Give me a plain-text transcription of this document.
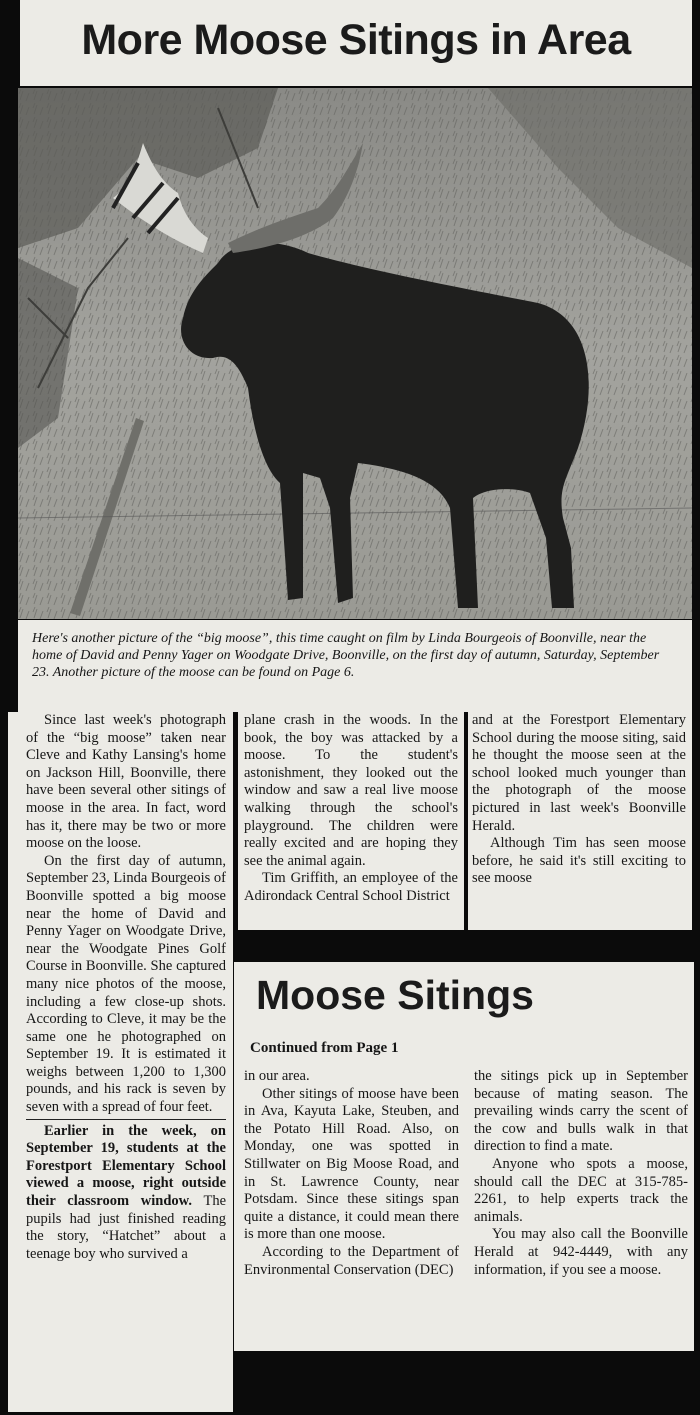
More Moose Sitings in Area

Here's another picture of the “big moose”, this time caught on film by Linda Bourgeois of Boonville, near the home of David and Penny Yager on Woodgate Drive, Boonville, on the first day of autumn, Saturday, September 23. Another picture of the moose can be found on Page 6.

Since last week's photograph of the “big moose” taken near Cleve and Kathy Lansing's home on Jackson Hill, Boonville, there have been several other sitings of moose in the area. In fact, word has it, there may be two or more moose on the loose.

On the first day of autumn, September 23, Linda Bourgeois of Boonville spotted a big moose near the home of David and Penny Yager on Woodgate Drive, near the Woodgate Pines Golf Course in Boonville. She captured many nice photos of the moose, including a few close-up shots. According to Cleve, it may be the same one he photographed on September 19. It is estimated it weighs between 1,200 to 1,300 pounds, and his rack is seven by seven with a spread of four feet.

Earlier in the week, on September 19, students at the Forestport Elementary School viewed a moose, right outside their classroom window. The pupils had just finished reading the story, “Hatchet” about a teenage boy who survived a

plane crash in the woods. In the book, the boy was attacked by a moose. To the student's astonishment, they looked out the window and saw a real live moose walking through the school's playground. The children were really excited and are hoping they see the animal again.

Tim Griffith, an employee of the Adirondack Central School District

and at the Forestport Elementary School during the moose siting, said he thought the moose seen at the school looked much younger than the photograph of the moose pictured in last week's Boonville Herald.

Although Tim has seen moose before, he said it's still exciting to see moose

Moose Sitings

Continued from Page 1

in our area.

Other sitings of moose have been in Ava, Kayuta Lake, Steuben, and the Potato Hill Road. Also, on Monday, one was spotted in Stillwater on Big Moose Road, and in St. Lawrence County, near Potsdam. Since these sitings span quite a distance, it could mean there is more than one moose.

According to the Department of Environmental Conservation (DEC)

the sitings pick up in September because of mating season. The prevailing winds carry the scent of the cow and bulls walk in that direction to find a mate.

Anyone who spots a moose, should call the DEC at 315-785-2261, to help experts track the animals.

You may also call the Boonville Herald at 942-4449, with any information, if you see a moose.
